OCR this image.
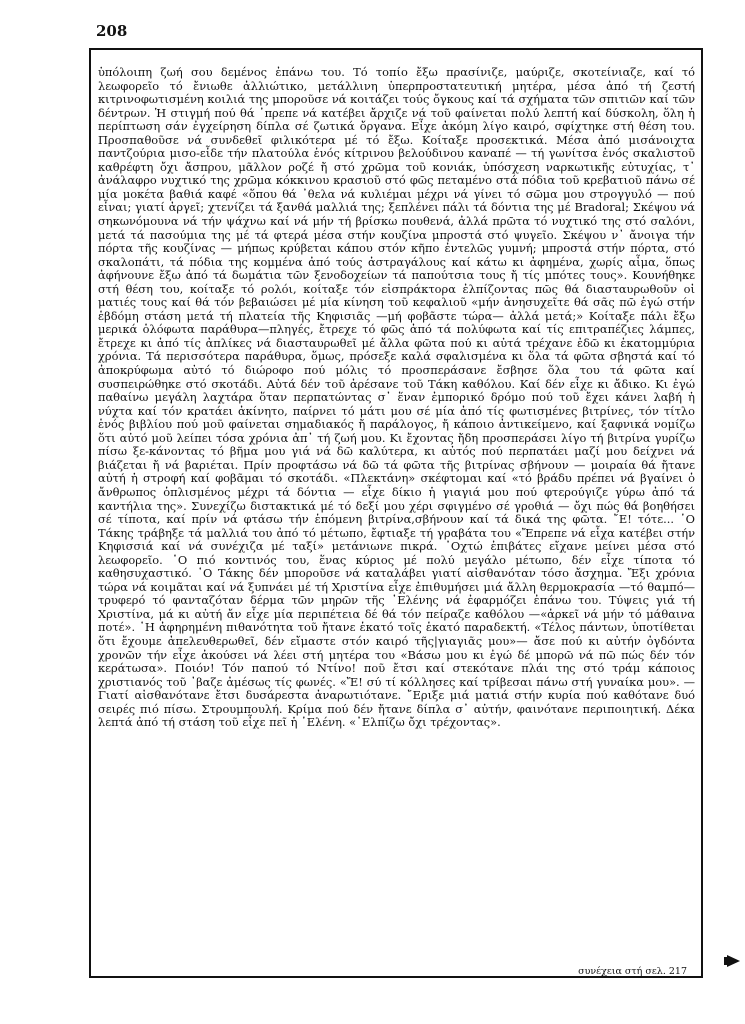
208

ὑπόλοιπη ζωή σου δεμένος ἐπάνω του. Τό τοπίο ἔξω πρασίνιζε, μαύριζε, σκοτείνιαζε, καί τό λεωφορεῖο τό ἔνιωθε ἀλλιώτικο, μετάλλινη ὑπερπροστατευτική μητέρα, μέσα ἀπό τή ζεστή κιτρινοφωτισμένη κοιλιά της μποροῦσε νά κοιτάζει τούς ὄγκους καί τά σχήματα τῶν σπιτιῶν καί τῶν δέντρων. Ἡ στιγμή πού θά ᾽πρεπε νά κατέβει ἄρχιζε νά τοῦ φαίνεται πολύ λεπτή καί δύσκολη, ὅλη ἡ περίπτωση σάν ἐγχείρηση δίπλα σέ ζωτικά ὄργανα. Εἶχε ἀκόμη λίγο καιρό, σφίχτηκε στή θέση του. Προσπαθοῦσε νά συνδεθεῖ φιλικότερα μέ τό ἔξω. Κοίταξε προσεκτικά. Μέσα ἀπό μισάνοιχτα παντζούρια μισο-εἶδε τήν πλατούλα ἑνός κίτρινου βελούδινου καναπέ — τή γωνίτσα ἑνός σκαλιστοῦ καθρέφτη ὄχι ἄσπρου, μᾶλλον ροζέ ἤ στό χρῶμα τοῦ κονιάκ, ὑπόσχεση ναρκωτικῆς εὐτυχίας, τ᾽ ἀνάλαφρο νυχτικό της χρῶμα κόκκινου κρασιοῦ στό φῶς πεταμένο στά πόδια τοῦ κρεβατιοῦ πάνω σέ μία μοκέτα βαθιά καφέ «ὅπου θά ᾽θελα νά κυλιέμαι μέχρι νά γίνει τό σῶμα μου στρογγυλό — πού εἶναι; γιατί ἀργεῖ; χτενίζει τά ξανθά μαλλιά της; ξεπλένει πάλι τά δόντια της μέ Bradoral; Σκέψου νά σηκωνόμουνα νά τήν ψάχνω καί νά μήν τή βρίσκω πουθενά, ἀλλά πρῶτα τό νυχτικό της στό σαλόνι, μετά τά πασούμια της μέ τά φτερά μέσα στήν κουζίνα μπροστά στό ψυγεῖο. Σκέψου ν᾽ ἄνοιγα τήν πόρτα τῆς κουζίνας — μήπως κρύβεται κάπου στόν κῆπο ἐντελῶς γυμνή; μπροστά στήν πόρτα, στό σκαλοπάτι, τά πόδια της κομμένα ἀπό τούς ἀστραγάλους καί κάτω κι ἀφημένα, χωρίς αἷμα, ὅπως ἀφήνουνε ἔξω ἀπό τά δωμάτια τῶν ξενοδοχείων τά παπούτσια τους ἤ τίς μπότες τους». Κουνήθηκε στή θέση του, κοίταξε τό ρολόι, κοίταξε τόν εἰσπράκτορα ἐλπίζοντας πῶς θά διασταυρωθοῦν οἱ ματιές τους καί θά τόν βεβαιώσει μέ μία κίνηση τοῦ κεφαλιοῦ «μήν ἀνησυχεῖτε θά σᾶς πῶ ἐγώ στήν ἑβδόμη στάση μετά τή πλατεία τῆς Κηφισιᾶς —μή φοβᾶστε τώρα— ἀλλά μετά;» Κοίταξε πάλι ἔξω μερικά ὁλόφωτα παράθυρα—πληγές, ἔτρεχε τό φῶς ἀπό τά πολύφωτα καί τίς επιτραπέζιες λάμπες, ἔτρεχε κι ἀπό τίς ἀπλίκες νά διασταυρωθεῖ μέ ἄλλα φῶτα πού κι αὐτά τρέχανε ἐδῶ κι ἑκατομμύρια χρόνια. Τά περισσότερα παράθυρα, ὅμως, πρόσεξε καλά σφαλισμένα κι ὅλα τά φῶτα σβηστά καί τό ἀποκρύφωμα αὐτό τό διώροφο πού μόλις τό προσπεράσανε ἔσβησε ὅλα του τά φῶτα καί συσπειρώθηκε στό σκοτάδι. Αὐτά δέν τοῦ ἀρέσανε τοῦ Τάκη καθόλου. Καί δέν εἶχε κι ἄδικο. Κι ἐγώ παθαίνω μεγάλη λαχτάρα ὅταν περπατώντας σ᾽ ἕναν ἐμπορικό δρόμο πού τοῦ ἔχει κάνει λαβή ἡ νύχτα καί τόν κρατάει ἀκίνητο, παίρνει τό μάτι μου σέ μία ἀπό τίς φωτισμένες βιτρίνες, τόν τίτλο ἑνός βιβλίου πού μοῦ φαίνεται σημαδιακός ἤ παράλογος, ἤ κάποιο ἀντικείμενο, καί ξαφνικά νομίζω ὅτι αὐτό μοῦ λείπει τόσα χρόνια ἀπ᾽ τή ζωή μου. Κι ἔχοντας ἤδη προσπεράσει λίγο τή βιτρίνα γυρίζω πίσω ξε-κάνοντας τό βῆμα μου γιά νά δῶ καλύτερα, κι αὐτός πού περπατάει μαζί μου δείχνει νά βιάζεται ἤ νά βαριέται. Πρίν προφτάσω νά δῶ τά φῶτα τῆς βιτρίνας σβήνουν — μοιραία θά ἤτανε αὐτή ἡ στροφή καί φοβᾶμαι τό σκοτάδι. «Πλεκτάνη» σκέφτομαι καί «τό βράδυ πρέπει νά βγαίνει ὁ ἄνθρωπος ὁπλισμένος μέχρι τά δόντια — εἶχε δίκιο ἡ γιαγιά μου πού φτερούγιζε γύρω ἀπό τά καντήλια της». Συνεχίζω διστακτικά μέ τό δεξί μου χέρι σφιγμένο σέ γροθιά — ὄχι πώς θά βοηθήσει σέ τίποτα, καί πρίν νά φτάσω τήν ἑπόμενη βιτρίνα,σβήνουν καί τά δικά της φῶτα. ῎Ε! τότε... ῾Ο Τάκης τράβηξε τά μαλλιά του ἀπό τό μέτωπο, ἔφτιαξε τή γραβάτα του «Ἔπρεπε νά εἶχα κατέβει στήν Κηφισσιά καί νά συνέχιζα μέ ταξί» μετάνιωνε πικρά. ᾽Οχτώ ἐπιβάτες εἴχανε μείνει μέσα στό λεωφορεῖο. ῾Ο πιό κοντινός του, ἕνας κύριος μέ πολύ μεγάλο μέτωπο, δέν εἶχε τίποτα τό καθησυχαστικό. ῾Ο Τάκης δέν μποροῦσε νά καταλάβει γιατί αἰσθανόταν τόσο ἄσχημα. Ἔξι χρόνια τώρα νά κοιμᾶται καί νά ξυπνάει μέ τή Χριστίνα εἶχε ἐπιθυμήσει μιά ἄλλη θερμοκρασία —τό θαμπό— τρυφερό τό φανταζόταν δέρμα τῶν μηρῶν τῆς ῾Ελένης νά ἐφαρμόζει ἐπάνω του. Τύψεις γιά τή Χριστίνα, μά κι αὐτή ἄν εἶχε μία περιπέτεια δέ θά τόν πείραζε καθόλου —«ἀρκεῖ νά μήν τό μάθαινα ποτέ». ῾Η ἀφηρημένη πιθανότητα τοῦ ἤτανε ἑκατό τοῖς ἑκατό παραδεκτή. «Τέλος πάντων, ὑποτίθεται ὅτι ἔχουμε ἀπελευθερωθεῖ, δέν εἴμαστε στόν καιρό τῆς|γιαγιᾶς μου»— ἄσε πού κι αὐτήν ὀγδόντα χρονῶν τήν εἶχε ἀκούσει νά λέει στή μητέρα του «Βάσω μου κι ἐγώ δέ μπορῶ νά πῶ πώς δέν τόν κεράτωσα». Ποιόν! Τόν παπού τό Ντίνο! ποῦ ἔτσι καί στεκότανε πλάι της στό τράμ κάποιος χριστιανός τοῦ ᾽βαζε ἀμέσως τίς φωνές. «Ἔ! σύ τί κόλλησες καί τρίβεσαι πάνω στή γυναίκα μου». — Γιατί αἰσθανότανε ἔτσι δυσάρεστα ἀναρωτιότανε. ῎Εριξε μιά ματιά στήν κυρία πού καθότανε δυό σειρές πιό πίσω. Στρουμπουλή. Κρίμα πού δέν ἤτανε δίπλα σ᾽ αὐτήν, φαινότανε περιποιητική. Δέκα λεπτά ἀπό τή στάση τοῦ εἶχε πεῖ ἡ ῾Ελένη. «᾽Ελπίζω ὄχι τρέχοντας».

συνέχεια στή σελ. 217
